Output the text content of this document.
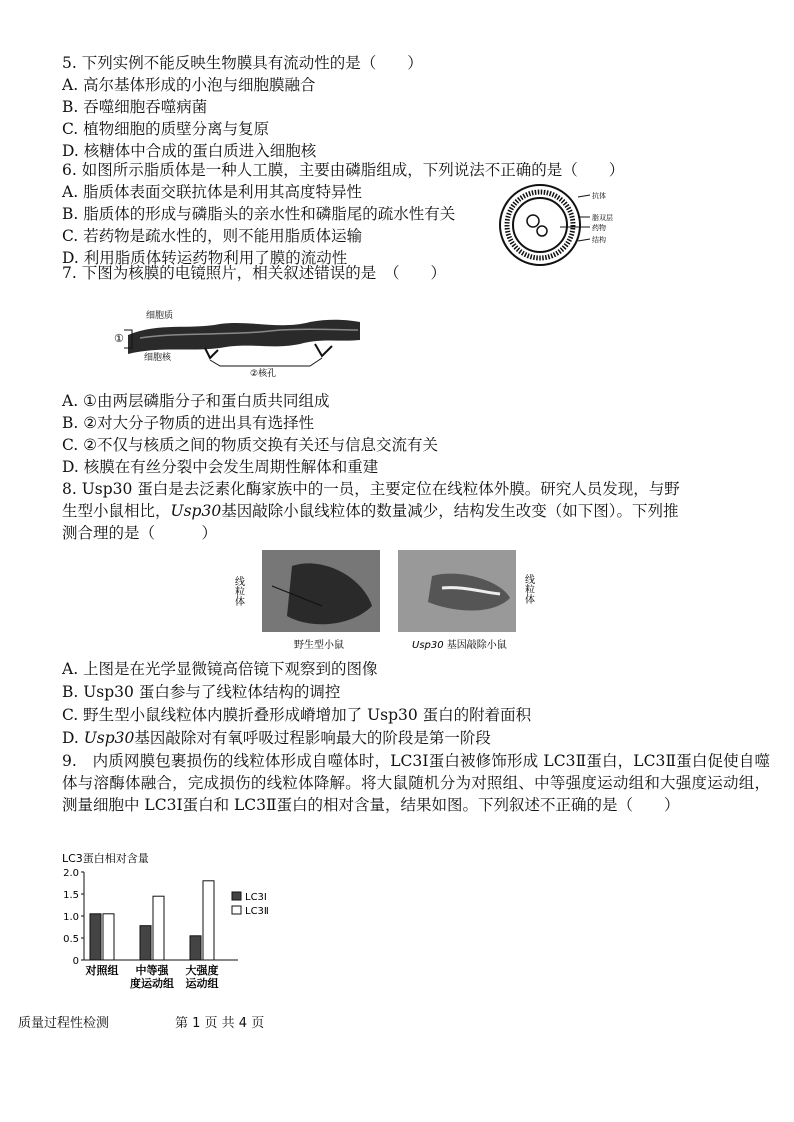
5. 下列实例不能反映生物膜具有流动性的是（　　）
A. 高尔基体形成的小泡与细胞膜融合
B. 吞噬细胞吞噬病菌
C. 植物细胞的质壁分离与复原
D. 核糖体中合成的蛋白质进入细胞核
6. 如图所示脂质体是一种人工膜，主要由磷脂组成，下列说法不正确的是（　　）
A. 脂质体表面交联抗体是利用其高度特异性
B. 脂质体的形成与磷脂头的亲水性和磷脂尾的疏水性有关
C. 若药物是疏水性的，则不能用脂质体运输
D. 利用脂质体转运药物利用了膜的流动性
抗体
脂双层
药物
结构
7. 下图为核膜的电镜照片，相关叙述错误的是　（　　）
细胞质
①
细胞核
②核孔
A. ①由两层磷脂分子和蛋白质共同组成
B. ②对大分子物质的进出具有选择性
C. ②不仅与核质之间的物质交换有关还与信息交流有关
D. 核膜在有丝分裂中会发生周期性解体和重建
8. Usp30 蛋白是去泛素化酶家族中的一员，主要定位在线粒体外膜。研究人员发现，与野
生型小鼠相比，Usp30基因敲除小鼠线粒体的数量减少，结构发生改变（如下图）。下列推
测合理的是（　　　）
线粒体	线粒体
野生型小鼠	Usp30 基因敲除小鼠
A. 上图是在光学显微镜高倍镜下观察到的图像
B. Usp30 蛋白参与了线粒体结构的调控
C. 野生型小鼠线粒体内膜折叠形成嵴增加了 Usp30 蛋白的附着面积
D. Usp30基因敲除对有氧呼吸过程影响最大的阶段是第一阶段
9.　内质网膜包裹损伤的线粒体形成自噬体时，LC3Ⅰ蛋白被修饰形成 LC3Ⅱ蛋白，LC3Ⅱ蛋白促使自噬体与溶酶体融合，完成损伤的线粒体降解。将大鼠随机分为对照组、中等强度运动组和大强度运动组，测量细胞中 LC3Ⅰ蛋白和 LC3Ⅱ蛋白的相对含量，结果如图。下列叙述不正确的是（　　）
LC3蛋白相对含量
2.0
1.5
1.0
0.5
0
对照组 中等强
度运动组
大强度
运动组
LC3Ⅰ
LC3Ⅱ
质量过程性检测	第 1 页 共 4 页
